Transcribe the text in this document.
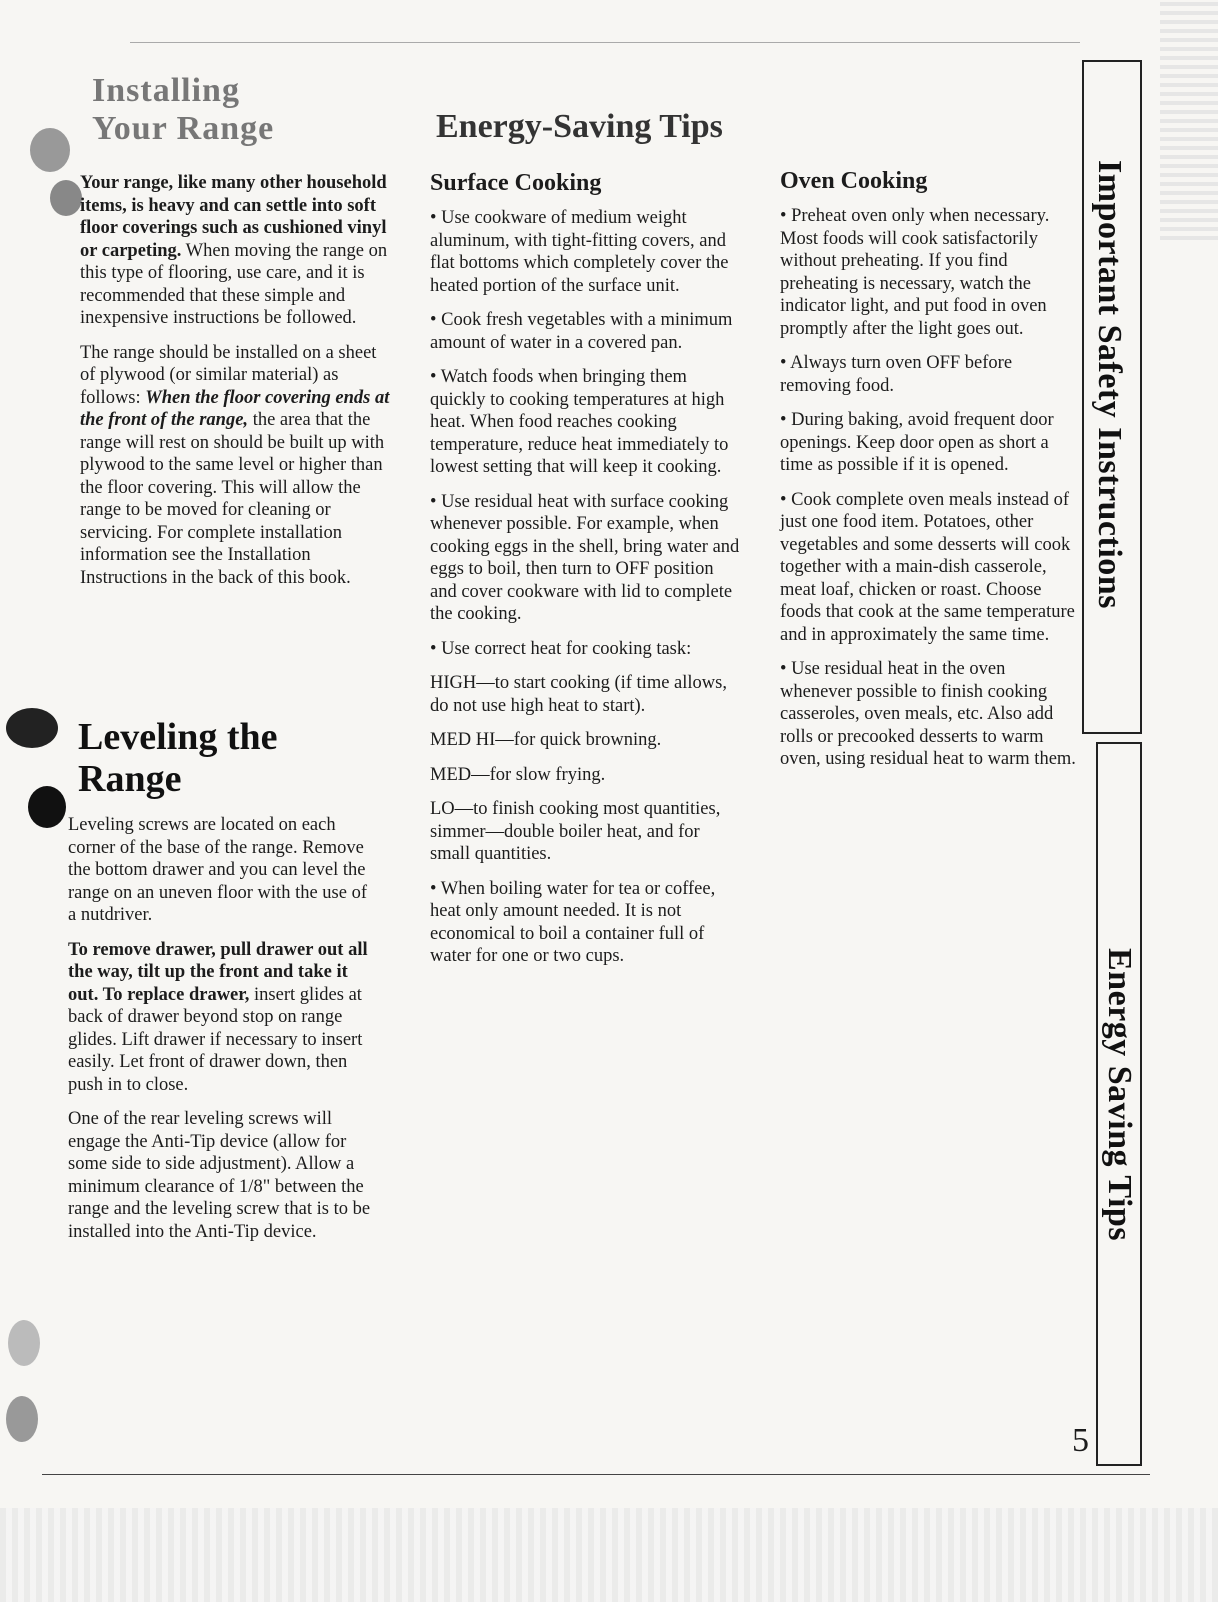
Installing
Your Range

Your range, like many other household items, is heavy and can settle into soft floor coverings such as cushioned vinyl or carpeting. When moving the range on this type of flooring, use care, and it is recommended that these simple and inexpensive instructions be followed.

The range should be installed on a sheet of plywood (or similar material) as follows: When the floor covering ends at the front of the range, the area that the range will rest on should be built up with plywood to the same level or higher than the floor covering. This will allow the range to be moved for cleaning or servicing. For complete installation information see the Installation Instructions in the back of this book.

Leveling the
Range

Leveling screws are located on each corner of the base of the range. Remove the bottom drawer and you can level the range on an uneven floor with the use of a nutdriver.

To remove drawer, pull drawer out all the way, tilt up the front and take it out. To replace drawer, insert glides at back of drawer beyond stop on range glides. Lift drawer if necessary to insert easily. Let front of drawer down, then push in to close.

One of the rear leveling screws will engage the Anti-Tip device (allow for some side to side adjustment). Allow a minimum clearance of 1/8" between the range and the leveling screw that is to be installed into the Anti-Tip device.

Energy-Saving Tips
Surface Cooking

• Use cookware of medium weight aluminum, with tight-fitting covers, and flat bottoms which completely cover the heated portion of the surface unit.

• Cook fresh vegetables with a minimum amount of water in a covered pan.

• Watch foods when bringing them quickly to cooking temperatures at high heat. When food reaches cooking temperature, reduce heat immediately to lowest setting that will keep it cooking.

• Use residual heat with surface cooking whenever possible. For example, when cooking eggs in the shell, bring water and eggs to boil, then turn to OFF position and cover cookware with lid to complete the cooking.

• Use correct heat for cooking task:

HIGH—to start cooking (if time allows, do not use high heat to start).

MED HI—for quick browning.

MED—for slow frying.

LO—to finish cooking most quantities, simmer—double boiler heat, and for small quantities.

• When boiling water for tea or coffee, heat only amount needed. It is not economical to boil a container full of water for one or two cups.

Oven Cooking

• Preheat oven only when necessary. Most foods will cook satisfactorily without preheating. If you find preheating is necessary, watch the indicator light, and put food in oven promptly after the light goes out.

• Always turn oven OFF before removing food.

• During baking, avoid frequent door openings. Keep door open as short a time as possible if it is opened.

• Cook complete oven meals instead of just one food item. Potatoes, other vegetables and some desserts will cook together with a main-dish casserole, meat loaf, chicken or roast. Choose foods that cook at the same temperature and in approximately the same time.

• Use residual heat in the oven whenever possible to finish cooking casseroles, oven meals, etc. Also add rolls or precooked desserts to warm oven, using residual heat to warm them.

Important Safety Instructions
Energy Saving Tips
5
